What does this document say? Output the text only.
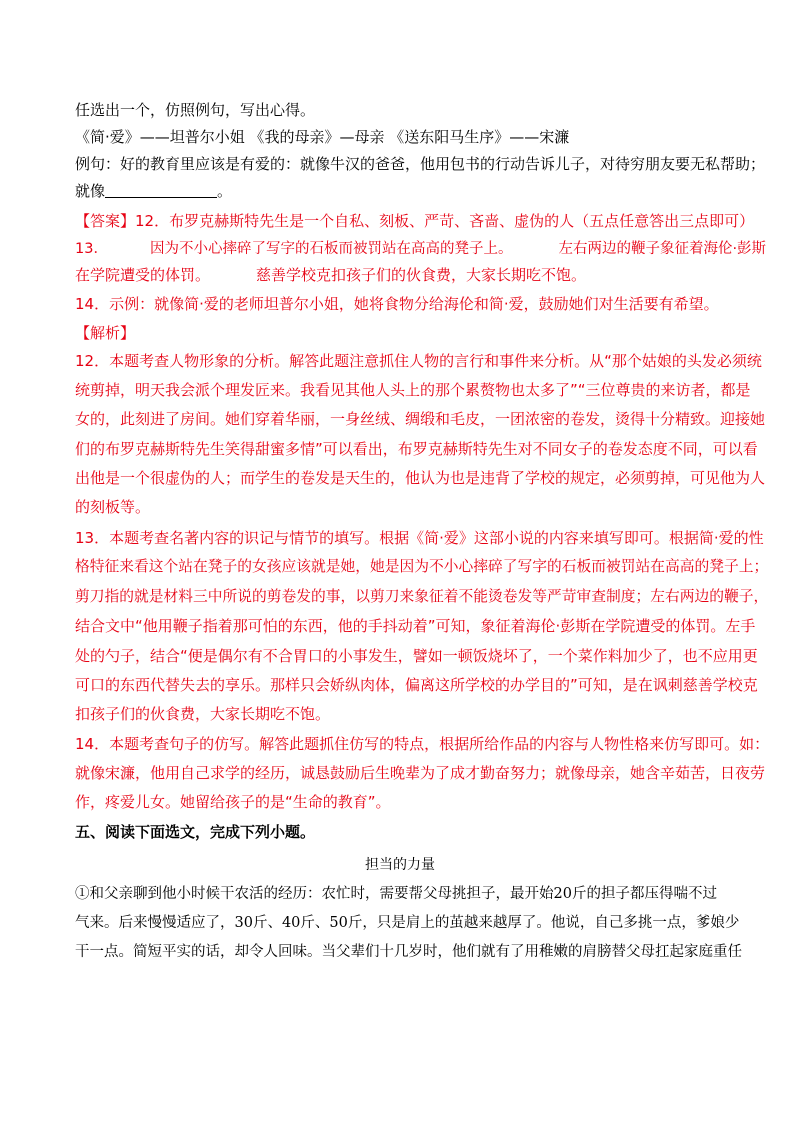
任选出一个，仿照例句，写出心得。
《简·爱》——坦普尔小姐 《我的母亲》—母亲 《送东阳马生序》——宋濂
例句：好的教育里应该是有爱的：就像牛汉的爸爸，他用包书的行动告诉儿子，对待穷朋友要无私帮助；
就像	。
【答案】12．布罗克赫斯特先生是一个自私、刻板、严苛、吝啬、虚伪的人（五点任意答出三点即可）
13．	因为不小心摔碎了写字的石板而被罚站在高高的凳子上。	左右两边的鞭子象征着海伦·彭斯
在学院遭受的体罚。	慈善学校克扣孩子们的伙食费，大家长期吃不饱。
14．示例：就像简·爱的老师坦普尔小姐，她将食物分给海伦和简·爱，鼓励她们对生活要有希望。
【解析】
12．本题考查人物形象的分析。解答此题注意抓住人物的言行和事件来分析。从“那个姑娘的头发必须统
统剪掉，明天我会派个理发匠来。我看见其他人头上的那个累赘物也太多了”“三位尊贵的来访者，都是
女的，此刻进了房间。她们穿着华丽，一身丝绒、绸缎和毛皮，一团浓密的卷发，烫得十分精致。迎接她
们的布罗克赫斯特先生笑得甜蜜多情”可以看出，布罗克赫斯特先生对不同女子的卷发态度不同，可以看
出他是一个很虚伪的人；而学生的卷发是天生的，他认为也是违背了学校的规定，必须剪掉，可见他为人
的刻板等。
13．本题考查名著内容的识记与情节的填写。根据《简·爱》这部小说的内容来填写即可。根据简·爱的性
格特征来看这个站在凳子的女孩应该就是她，她是因为不小心摔碎了写字的石板而被罚站在高高的凳子上；
剪刀指的就是材料三中所说的剪卷发的事，以剪刀来象征着不能烫卷发等严苛审查制度；左右两边的鞭子，
结合文中“他用鞭子指着那可怕的东西，他的手抖动着”可知，象征着海伦·彭斯在学院遭受的体罚。左手
处的勺子，结合“便是偶尔有不合胃口的小事发生，譬如一顿饭烧坏了，一个菜作料加少了，也不应用更
可口的东西代替失去的享乐。那样只会娇纵肉体，偏离这所学校的办学目的”可知，是在讽刺慈善学校克
扣孩子们的伙食费，大家长期吃不饱。
14．本题考查句子的仿写。解答此题抓住仿写的特点，根据所给作品的内容与人物性格来仿写即可。如：
就像宋濂，他用自己求学的经历，诚恳鼓励后生晚辈为了成才勤奋努力；就像母亲，她含辛茹苦，日夜劳
作，疼爱儿女。她留给孩子的是“生命的教育”。
五、阅读下面选文，完成下列小题。
担当的力量
①和父亲聊到他小时候干农活的经历：农忙时，需要帮父母挑担子，最开始20斤的担子都压得喘不过
气来。后来慢慢适应了，30斤、40斤、50斤，只是肩上的茧越来越厚了。他说，自己多挑一点，爹娘少
干一点。简短平实的话，却令人回味。当父辈们十几岁时，他们就有了用稚嫩的肩膀替父母扛起家庭重任
